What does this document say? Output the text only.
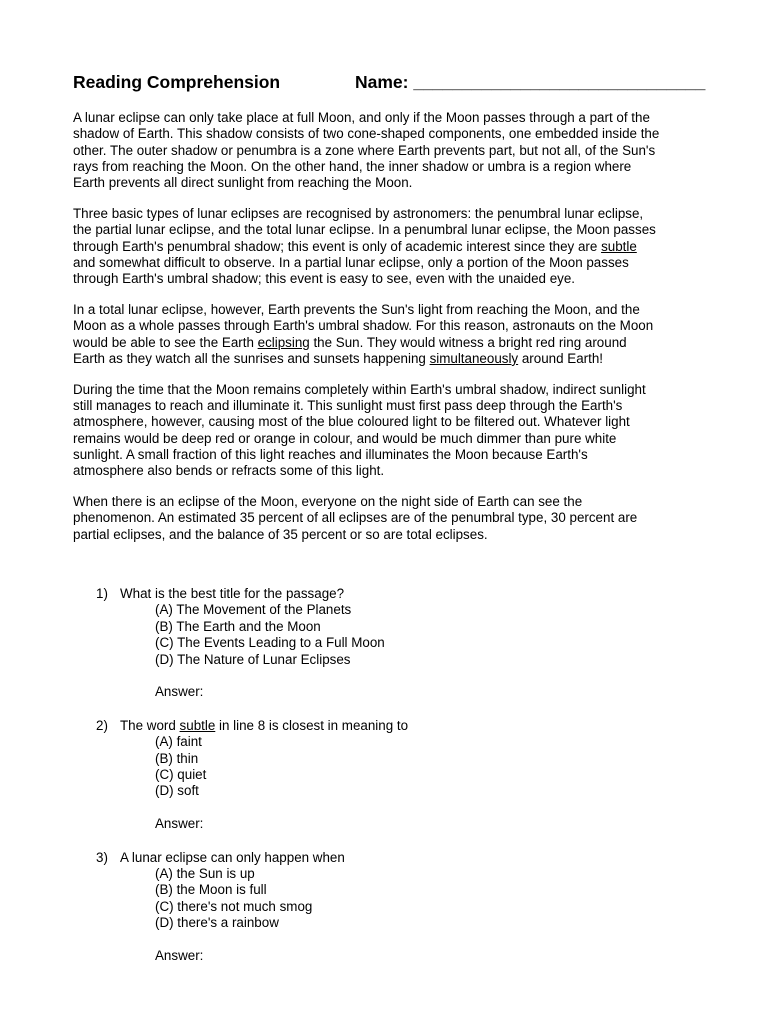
Reading Comprehension	Name: ______________________________

A lunar eclipse can only take place at full Moon, and only if the Moon passes through a part of the
shadow of Earth. This shadow consists of two cone-shaped components, one embedded inside the
other. The outer shadow or penumbra is a zone where Earth prevents part, but not all, of the Sun's
rays from reaching the Moon. On the other hand, the inner shadow or umbra is a region where
Earth prevents all direct sunlight from reaching the Moon.

Three basic types of lunar eclipses are recognised by astronomers: the penumbral lunar eclipse,
the partial lunar eclipse, and the total lunar eclipse. In a penumbral lunar eclipse, the Moon passes
through Earth's penumbral shadow; this event is only of academic interest since they are subtle
and somewhat difficult to observe. In a partial lunar eclipse, only a portion of the Moon passes
through Earth's umbral shadow; this event is easy to see, even with the unaided eye.

In a total lunar eclipse, however, Earth prevents the Sun's light from reaching the Moon, and the
Moon as a whole passes through Earth's umbral shadow. For this reason, astronauts on the Moon
would be able to see the Earth eclipsing the Sun. They would witness a bright red ring around
Earth as they watch all the sunrises and sunsets happening simultaneously around Earth!

During the time that the Moon remains completely within Earth's umbral shadow, indirect sunlight
still manages to reach and illuminate it. This sunlight must first pass deep through the Earth's
atmosphere, however, causing most of the blue coloured light to be filtered out. Whatever light
remains would be deep red or orange in colour, and would be much dimmer than pure white
sunlight. A small fraction of this light reaches and illuminates the Moon because Earth's
atmosphere also bends or refracts some of this light.

When there is an eclipse of the Moon, everyone on the night side of Earth can see the
phenomenon. An estimated 35 percent of all eclipses are of the penumbral type, 30 percent are
partial eclipses, and the balance of 35 percent or so are total eclipses.

1) What is the best title for the passage?
(A) The Movement of the Planets
(B) The Earth and the Moon
(C) The Events Leading to a Full Moon
(D) The Nature of Lunar Eclipses
Answer:
2) The word subtle in line 8 is closest in meaning to
(A) faint
(B) thin
(C) quiet
(D) soft
Answer:
3) A lunar eclipse can only happen when
(A) the Sun is up
(B) the Moon is full
(C) there's not much smog
(D) there's a rainbow
Answer:
